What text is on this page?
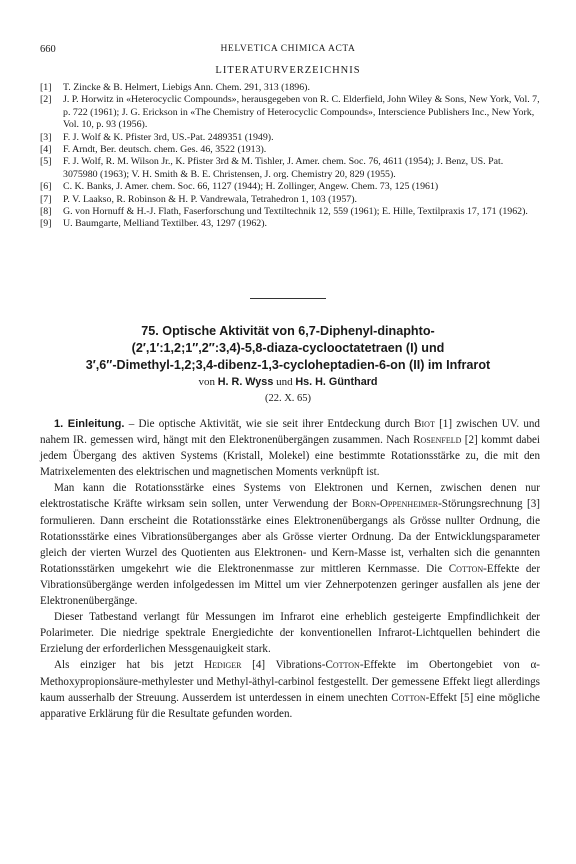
660	HELVETICA CHIMICA ACTA
LITERATURVERZEICHNIS
[1] T. Zincke & B. Helmert, Liebigs Ann. Chem. 291, 313 (1896).
[2] J. P. Horwitz in «Heterocyclic Compounds», herausgegeben von R. C. Elderfield, John Wiley & Sons, New York, Vol. 7, p. 722 (1961); J. G. Erickson in «The Chemistry of Heterocyclic Compounds», Interscience Publishers Inc., New York, Vol. 10, p. 93 (1956).
[3] F. J. Wolf & K. Pfister 3rd, US.-Pat. 2489351 (1949).
[4] F. Arndt, Ber. deutsch. chem. Ges. 46, 3522 (1913).
[5] F. J. Wolf, R. M. Wilson Jr., K. Pfister 3rd & M. Tishler, J. Amer. chem. Soc. 76, 4611 (1954); J. Benz, US. Pat. 3075980 (1963); V. H. Smith & B. E. Christensen, J. org. Chemistry 20, 829 (1955).
[6] C. K. Banks, J. Amer. chem. Soc. 66, 1127 (1944); H. Zollinger, Angew. Chem. 73, 125 (1961)
[7] P. V. Laakso, R. Robinson & H. P. Vandrewala, Tetrahedron 1, 103 (1957).
[8] G. von Hornuff & H.-J. Flath, Faserforschung und Textiltechnik 12, 559 (1961); E. Hille, Textilpraxis 17, 171 (1962).
[9] U. Baumgarte, Melliand Textilber. 43, 1297 (1962).
75. Optische Aktivität von 6,7-Diphenyl-dinaphto-
(2′,1′:1,2;1″,2″:3,4)-5,8-diaza-cyclooctatetraen (I) und
3′,6″-Dimethyl-1,2;3,4-dibenz-1,3-cycloheptadien-6-on (II) im Infrarot
von H. R. Wyss und Hs. H. Günthard
(22. X. 65)

1. Einleitung. – Die optische Aktivität, wie sie seit ihrer Entdeckung durch Biot [1] zwischen UV. und nahem IR. gemessen wird, hängt mit den Elektronenübergängen zusammen. Nach Rosenfeld [2] kommt dabei jedem Übergang des aktiven Systems (Kristall, Molekel) eine bestimmte Rotationsstärke zu, die mit den Matrixelementen des elektrischen und magnetischen Moments verknüpft ist.

Man kann die Rotationsstärke eines Systems von Elektronen und Kernen, zwischen denen nur elektrostatische Kräfte wirksam sein sollen, unter Verwendung der Born-Oppenheimer-Störungsrechnung [3] formulieren. Dann erscheint die Rotationsstärke eines Elektronenübergangs als Grösse nullter Ordnung, die Rotationsstärke eines Vibrationsüberganges aber als Grösse vierter Ordnung. Da der Entwicklungsparameter gleich der vierten Wurzel des Quotienten aus Elektronen- und Kern-Masse ist, verhalten sich die genannten Rotationsstärken umgekehrt wie die Elektronenmasse zur mittleren Kernmasse. Die Cotton-Effekte der Vibrationsübergänge werden infolgedessen im Mittel um vier Zehnerpotenzen geringer ausfallen als jene der Elektronenübergänge.

Dieser Tatbestand verlangt für Messungen im Infrarot eine erheblich gesteigerte Empfindlichkeit der Polarimeter. Die niedrige spektrale Energiedichte der konventionellen Infrarot-Lichtquellen behindert die Erzielung der erforderlichen Messgenauigkeit stark.

Als einziger hat bis jetzt Hediger [4] Vibrations-Cotton-Effekte im Obertongebiet von α-Methoxypropionsäure-methylester und Methyl-äthyl-carbinol festgestellt. Der gemessene Effekt liegt allerdings kaum ausserhalb der Streuung. Ausserdem ist unterdessen in einem unechten Cotton-Effekt [5] eine mögliche apparative Erklärung für die Resultate gefunden worden.
